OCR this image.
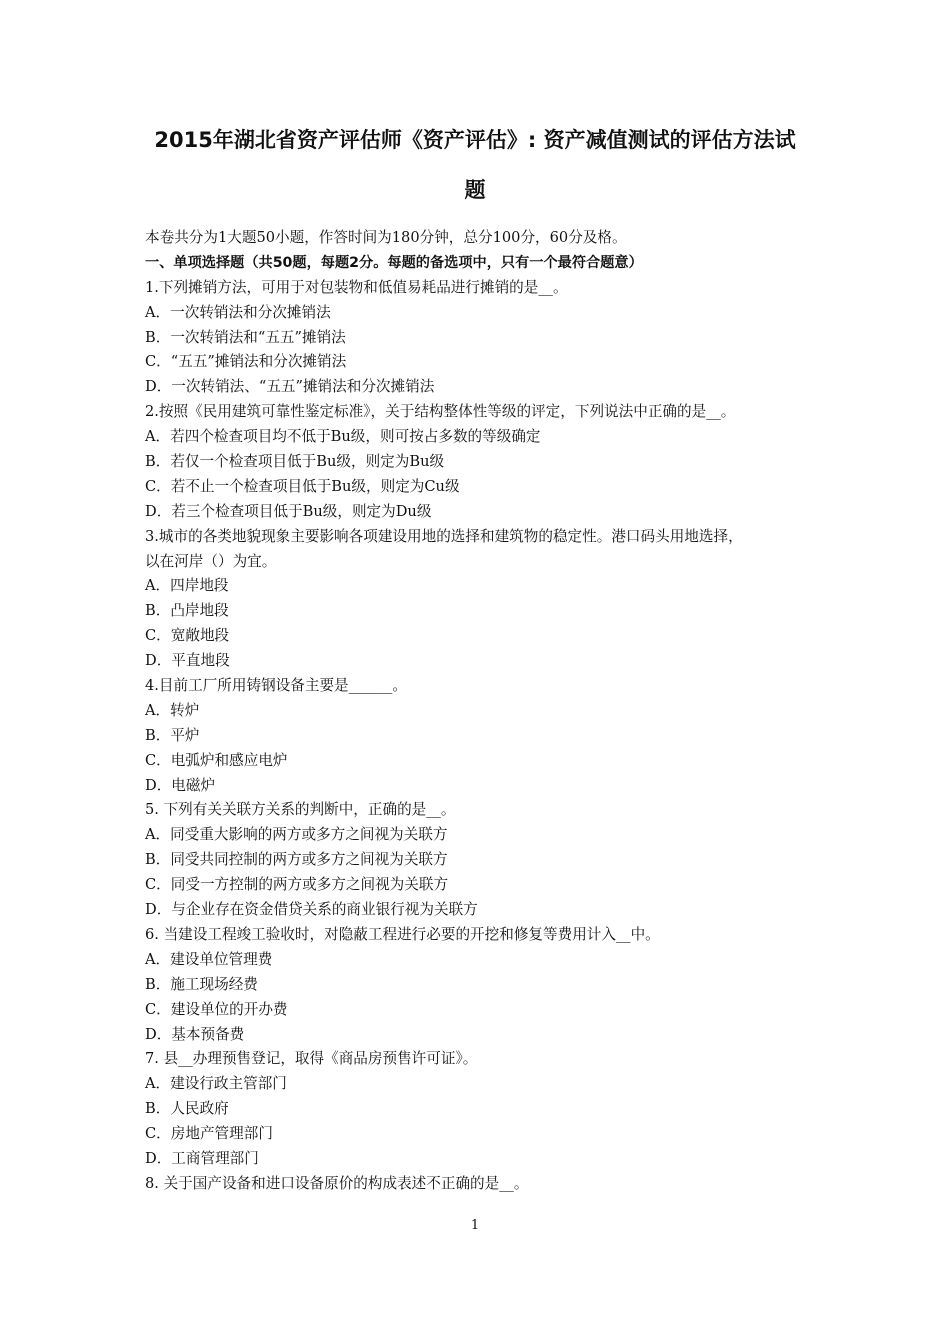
2015年湖北省资产评估师《资产评估》: 资产减值测试的评估方法试
题
本卷共分为1大题50小题，作答时间为180分钟，总分100分，60分及格。
一、单项选择题（共50题，每题2分。每题的备选项中，只有一个最符合题意）
1.下列摊销方法，可用于对包装物和低值易耗品进行摊销的是__。
A．一次转销法和分次摊销法
B．一次转销法和“五五”摊销法
C．“五五”摊销法和分次摊销法
D．一次转销法、“五五”摊销法和分次摊销法
2.按照《民用建筑可靠性鉴定标准》，关于结构整体性等级的评定，下列说法中正确的是__。
A．若四个检查项目均不低于Bu级，则可按占多数的等级确定
B．若仅一个检查项目低于Bu级，则定为Bu级
C．若不止一个检查项目低于Bu级，则定为Cu级
D．若三个检查项目低于Bu级，则定为Du级
3.城市的各类地貌现象主要影响各项建设用地的选择和建筑物的稳定性。港口码头用地选择，
以在河岸（）为宜。
A．四岸地段
B．凸岸地段
C．宽敞地段
D．平直地段
4.目前工厂所用铸钢设备主要是______。
A．转炉
B．平炉
C．电弧炉和感应电炉
D．电磁炉
5. 下列有关关联方关系的判断中，正确的是__。
A．同受重大影响的两方或多方之间视为关联方
B．同受共同控制的两方或多方之间视为关联方
C．同受一方控制的两方或多方之间视为关联方
D．与企业存在资金借贷关系的商业银行视为关联方
6. 当建设工程竣工验收时，对隐蔽工程进行必要的开挖和修复等费用计入__中。
A．建设单位管理费
B．施工现场经费
C．建设单位的开办费
D．基本预备费
7. 县__办理预售登记，取得《商品房预售许可证》。
A．建设行政主管部门
B．人民政府
C．房地产管理部门
D．工商管理部门
8. 关于国产设备和进口设备原价的构成表述不正确的是__。
1
